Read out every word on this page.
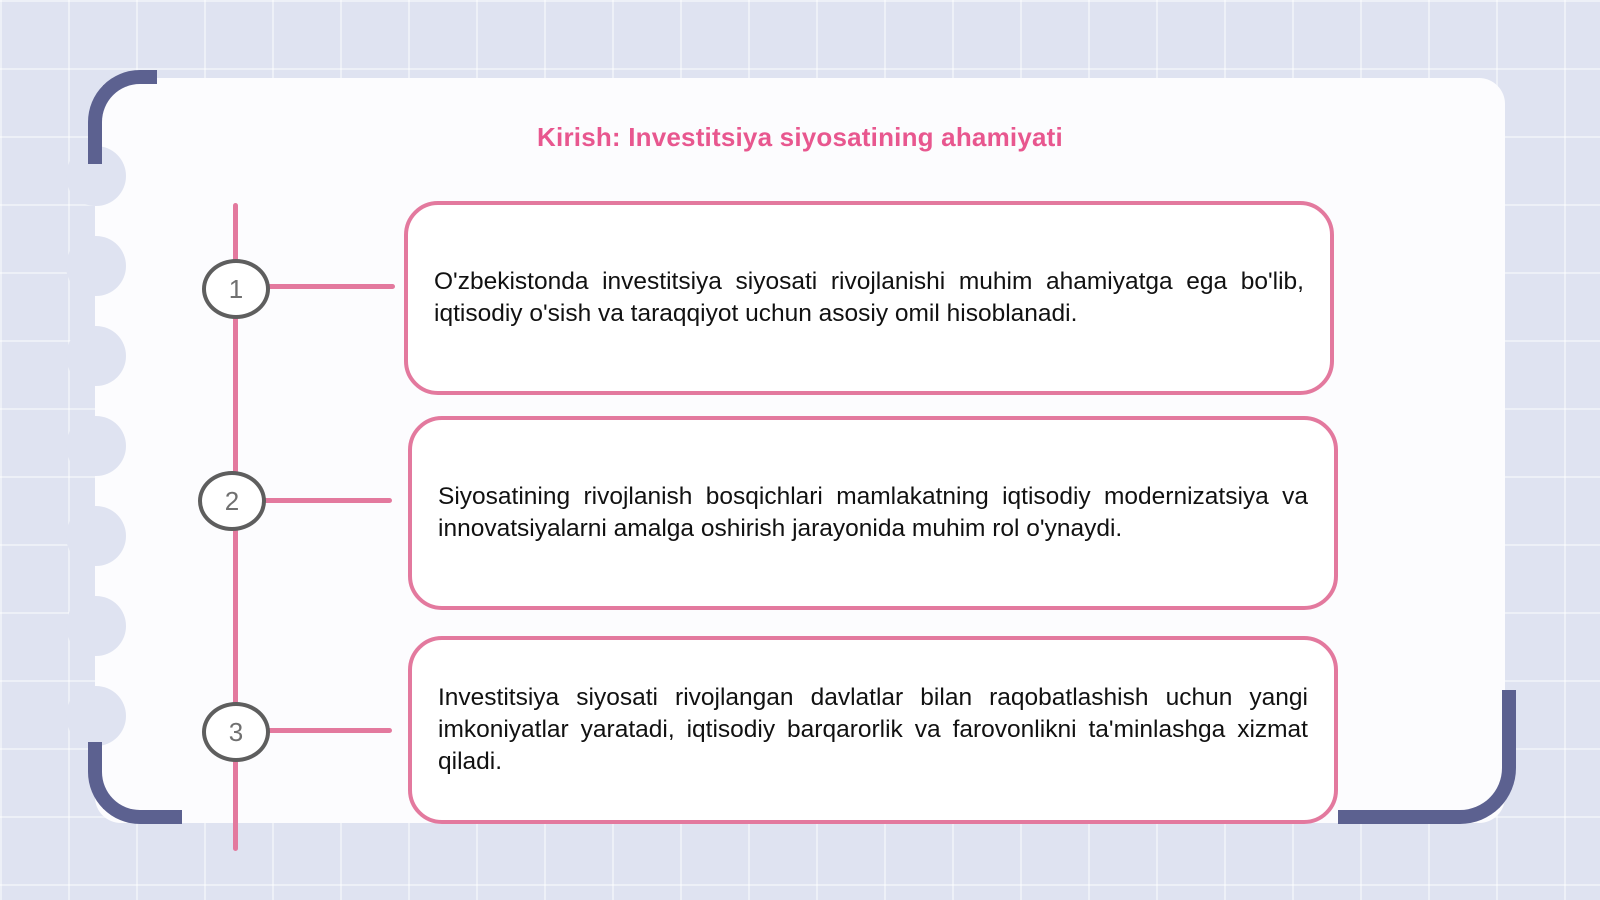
Kirish: Investitsiya siyosatining ahamiyati
1	O'zbekistonda investitsiya siyosati rivojlanishi muhim ahamiyatga ega bo'lib, iqtisodiy o'sish va taraqqiyot uchun asosiy omil hisoblanadi.

2	Siyosatining rivojlanish bosqichlari mamlakatning iqtisodiy modernizatsiya va innovatsiyalarni amalga oshirish jarayonida muhim rol o'ynaydi.

3

Investitsiya siyosati rivojlangan davlatlar bilan raqobatlashish uchun yangi imkoniyatlar yaratadi, iqtisodiy barqarorlik va farovonlikni ta'minlashga xizmat qiladi.
